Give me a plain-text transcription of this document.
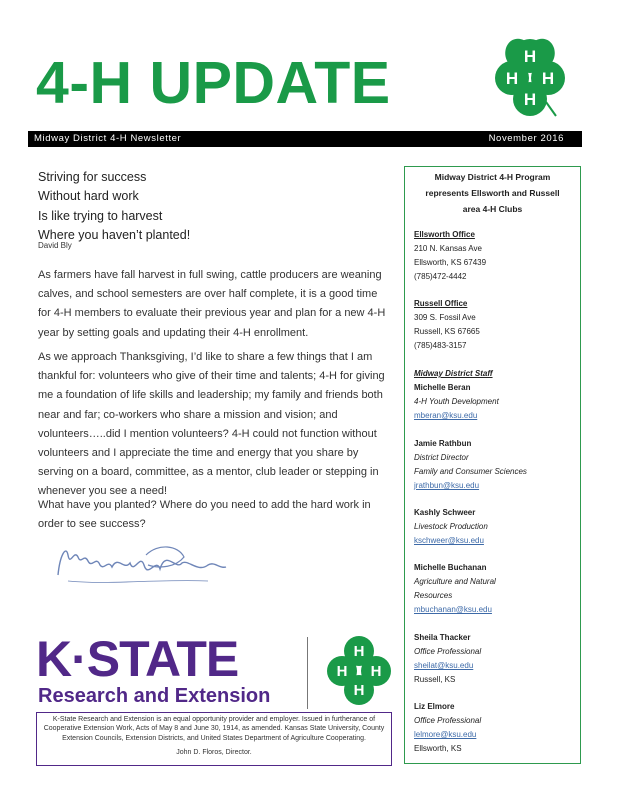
4-H UPDATE	H
H H
H
Midway District 4-H Newsletter	November 2016
Striving for success
Without hard work
Is like trying to harvest
Where you haven’t planted!
David Bly

As farmers have fall harvest in full swing, cattle producers are weaning calves, and school semesters are over half complete, it is a good time for 4-H members to evaluate their previous year and plan for a new 4-H year by setting goals and updating their 4-H enrollment.

As we approach Thanksgiving, I’d like to share a few things that I am thankful for: volunteers who give of their time and talents; 4-H for giving me a foundation of life skills and leadership; my family and friends both near and far; co-workers who share a mission and vision; and volunteers…..did I mention volunteers? 4-H could not function without volunteers and I appreciate the time and energy that you share by serving on a board, committee, as a mentor, club leader or stepping in whenever you see a need!

What have you planted? Where do you need to add the hard work in order to see success?

K·STATE
Research and Extension
H
H H
H
K-State Research and Extension is an equal opportunity provider and employer. Issued in furtherance of Cooperative Extension Work, Acts of May 8 and June 30, 1914, as amended. Kansas State University, County Extension Councils, Extension Districts, and United States Department of Agriculture Cooperating.
John D. Floros, Director.
Midway District 4-H Program
represents Ellsworth and Russell
area 4-H Clubs
Ellsworth Office
210 N. Kansas Ave
Ellsworth, KS 67439
(785)472-4442
Russell Office
309 S. Fossil Ave
Russell, KS 67665
(785)483-3157
Midway District Staff
Michelle Beran
4-H Youth Development
mberan@ksu.edu
Jamie Rathbun
District Director
Family and Consumer Sciences
jrathbun@ksu.edu
Kashly Schweer
Livestock Production
kschweer@ksu.edu
Michelle Buchanan
Agriculture and Natural
Resources
mbuchanan@ksu.edu
Sheila Thacker
Office Professional
sheilat@ksu.edu
Russell, KS
Liz Elmore
Office Professional
lelmore@ksu.edu
Ellsworth, KS
